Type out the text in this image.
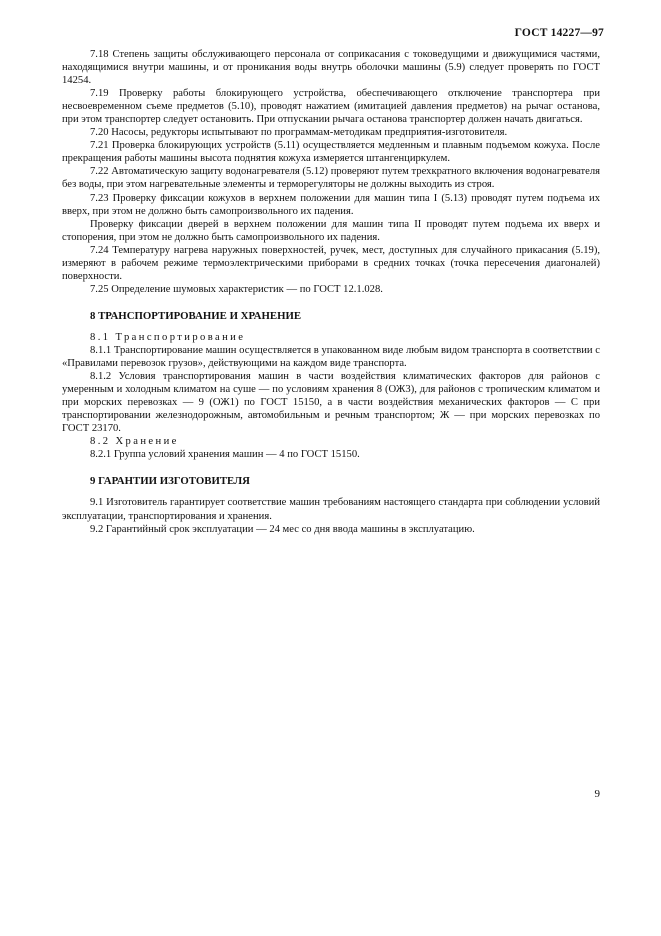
ГОСТ 14227—97

7.18 Степень защиты обслуживающего персонала от соприкасания с токоведущими и движущимися частями, находящимися внутри машины, и от проникания воды внутрь оболочки машины (5.9) следует проверять по ГОСТ 14254.

7.19 Проверку работы блокирующего устройства, обеспечивающего отключение транспортера при несвоевременном съеме предметов (5.10), проводят нажатием (имитацией давления предметов) на рычаг останова, при этом транспортер следует остановить. При отпускании рычага останова транспортер должен начать двигаться.

7.20 Насосы, редукторы испытывают по программам-методикам предприятия-изготовителя.

7.21 Проверка блокирующих устройств (5.11) осуществляется медленным и плавным подъемом кожуха. После прекращения работы машины высота поднятия кожуха измеряется штангенциркулем.

7.22 Автоматическую защиту водонагревателя (5.12) проверяют путем трехкратного включения водонагревателя без воды, при этом нагревательные элементы и терморегуляторы не должны выходить из строя.

7.23 Проверку фиксации кожухов в верхнем положении для машин типа I (5.13) проводят путем подъема их вверх, при этом не должно быть самопроизвольного их падения.

Проверку фиксации дверей в верхнем положении для машин типа II проводят путем подъема их вверх и стопорения, при этом не должно быть самопроизвольного их падения.

7.24 Температуру нагрева наружных поверхностей, ручек, мест, доступных для случайного прикасания (5.19), измеряют в рабочем режиме термоэлектрическими приборами в средних точках (точка пересечения диагоналей) поверхности.

7.25 Определение шумовых характеристик — по ГОСТ 12.1.028.

8 ТРАНСПОРТИРОВАНИЕ И ХРАНЕНИЕ

8.1 Транспортирование

8.1.1 Транспортирование машин осуществляется в упакованном виде любым видом транспорта в соответствии с «Правилами перевозок грузов», действующими на каждом виде транспорта.

8.1.2 Условия транспортирования машин в части воздействия климатических факторов для районов с умеренным и холодным климатом на суше — по условиям хранения 8 (ОЖ3), для районов с тропическим климатом и при морских перевозках — 9 (ОЖ1) по ГОСТ 15150, а в части воздействия механических факторов — С при транспортировании железнодорожным, автомобильным и речным транспортом; Ж — при морских перевозках по ГОСТ 23170.

8.2 Хранение

8.2.1 Группа условий хранения машин — 4 по ГОСТ 15150.

9 ГАРАНТИИ ИЗГОТОВИТЕЛЯ

9.1 Изготовитель гарантирует соответствие машин требованиям настоящего стандарта при соблюдении условий эксплуатации, транспортирования и хранения.

9.2 Гарантийный срок эксплуатации — 24 мес со дня ввода машины в эксплуатацию.

9
